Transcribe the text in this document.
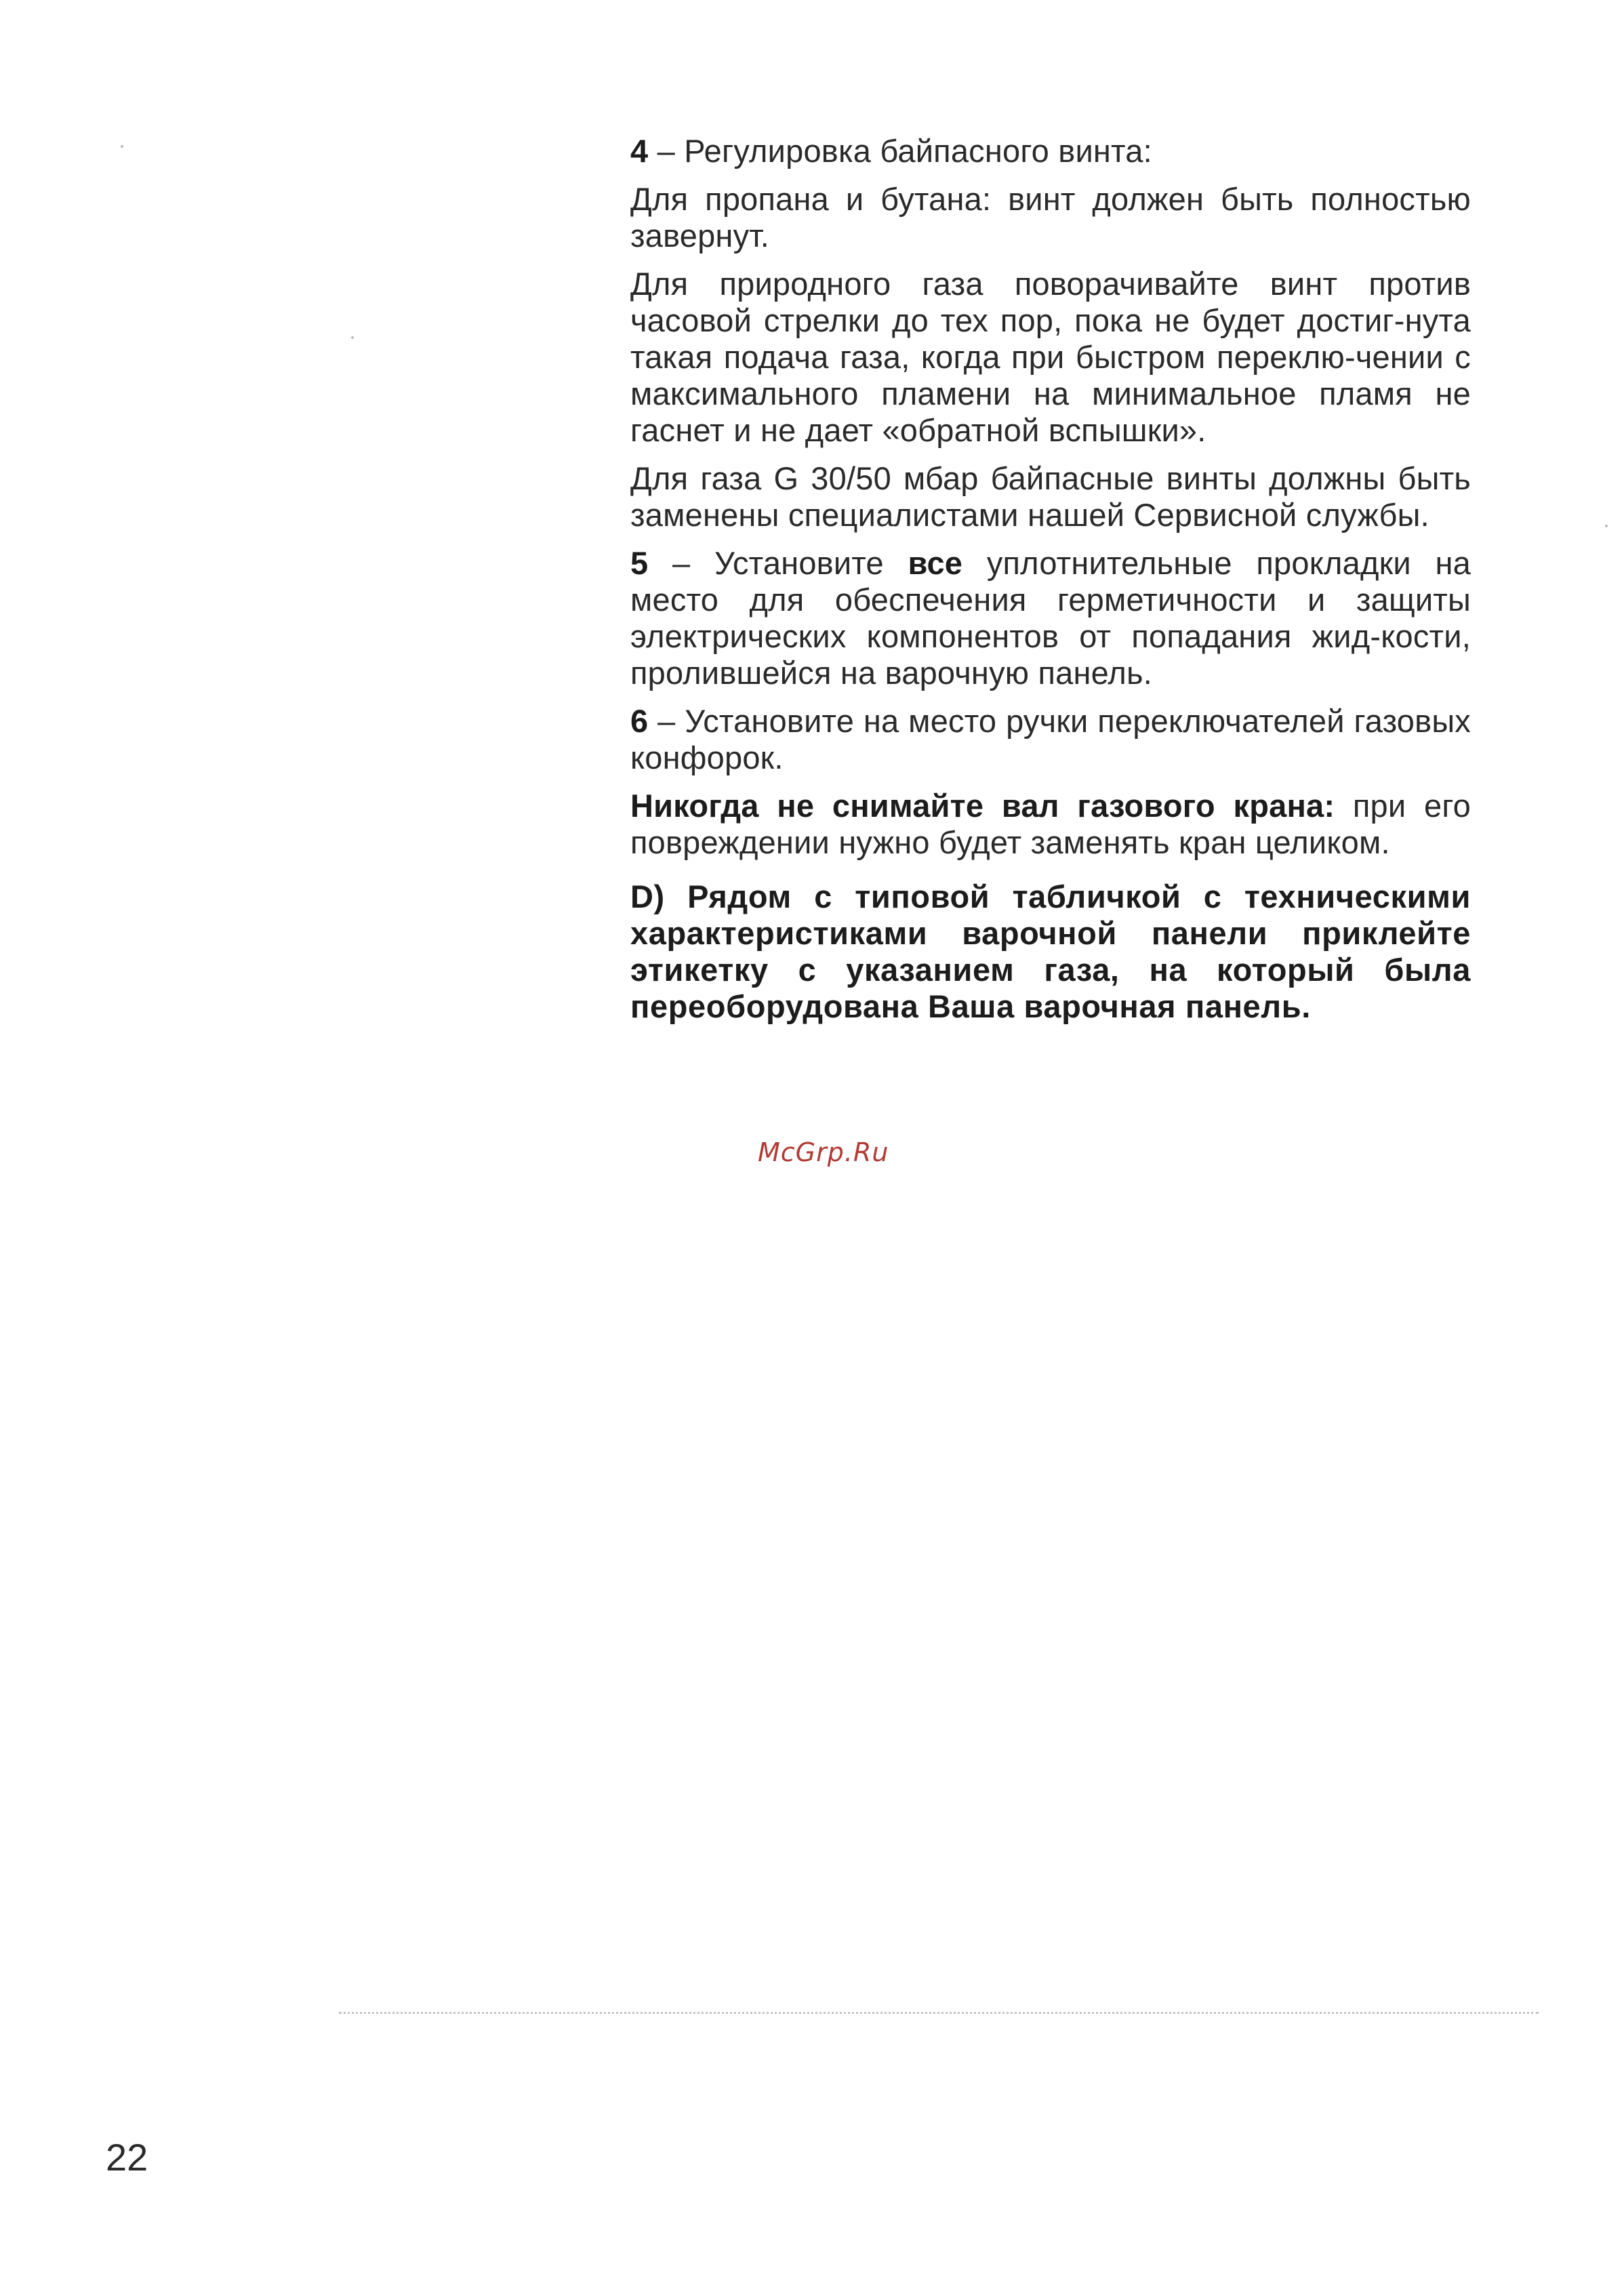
4 – Регулировка байпасного винта:

Для пропана и бутана: винт должен быть полностью завернут.

Для природного газа поворачивайте винт против часовой стрелки до тех пор, пока не будет достиг-нута такая подача газа, когда при быстром переклю-чении с максимального пламени на минимальное пламя не гаснет и не дает «обратной вспышки».

Для газа G 30/50 мбар байпасные винты должны быть заменены специалистами нашей Сервисной службы.

5 – Установите все уплотнительные прокладки на место для обеспечения герметичности и защиты электрических компонентов от попадания жид-кости, пролившейся на варочную панель.

6 – Установите на место ручки переключателей газовых конфорок.

Никогда не снимайте вал газового крана: при его повреждении нужно будет заменять кран целиком.

D) Рядом с типовой табличкой с техническими характеристиками варочной панели приклейте этикетку с указанием газа, на который была переоборудована Ваша варочная панель.

McGrp.Ru
22
